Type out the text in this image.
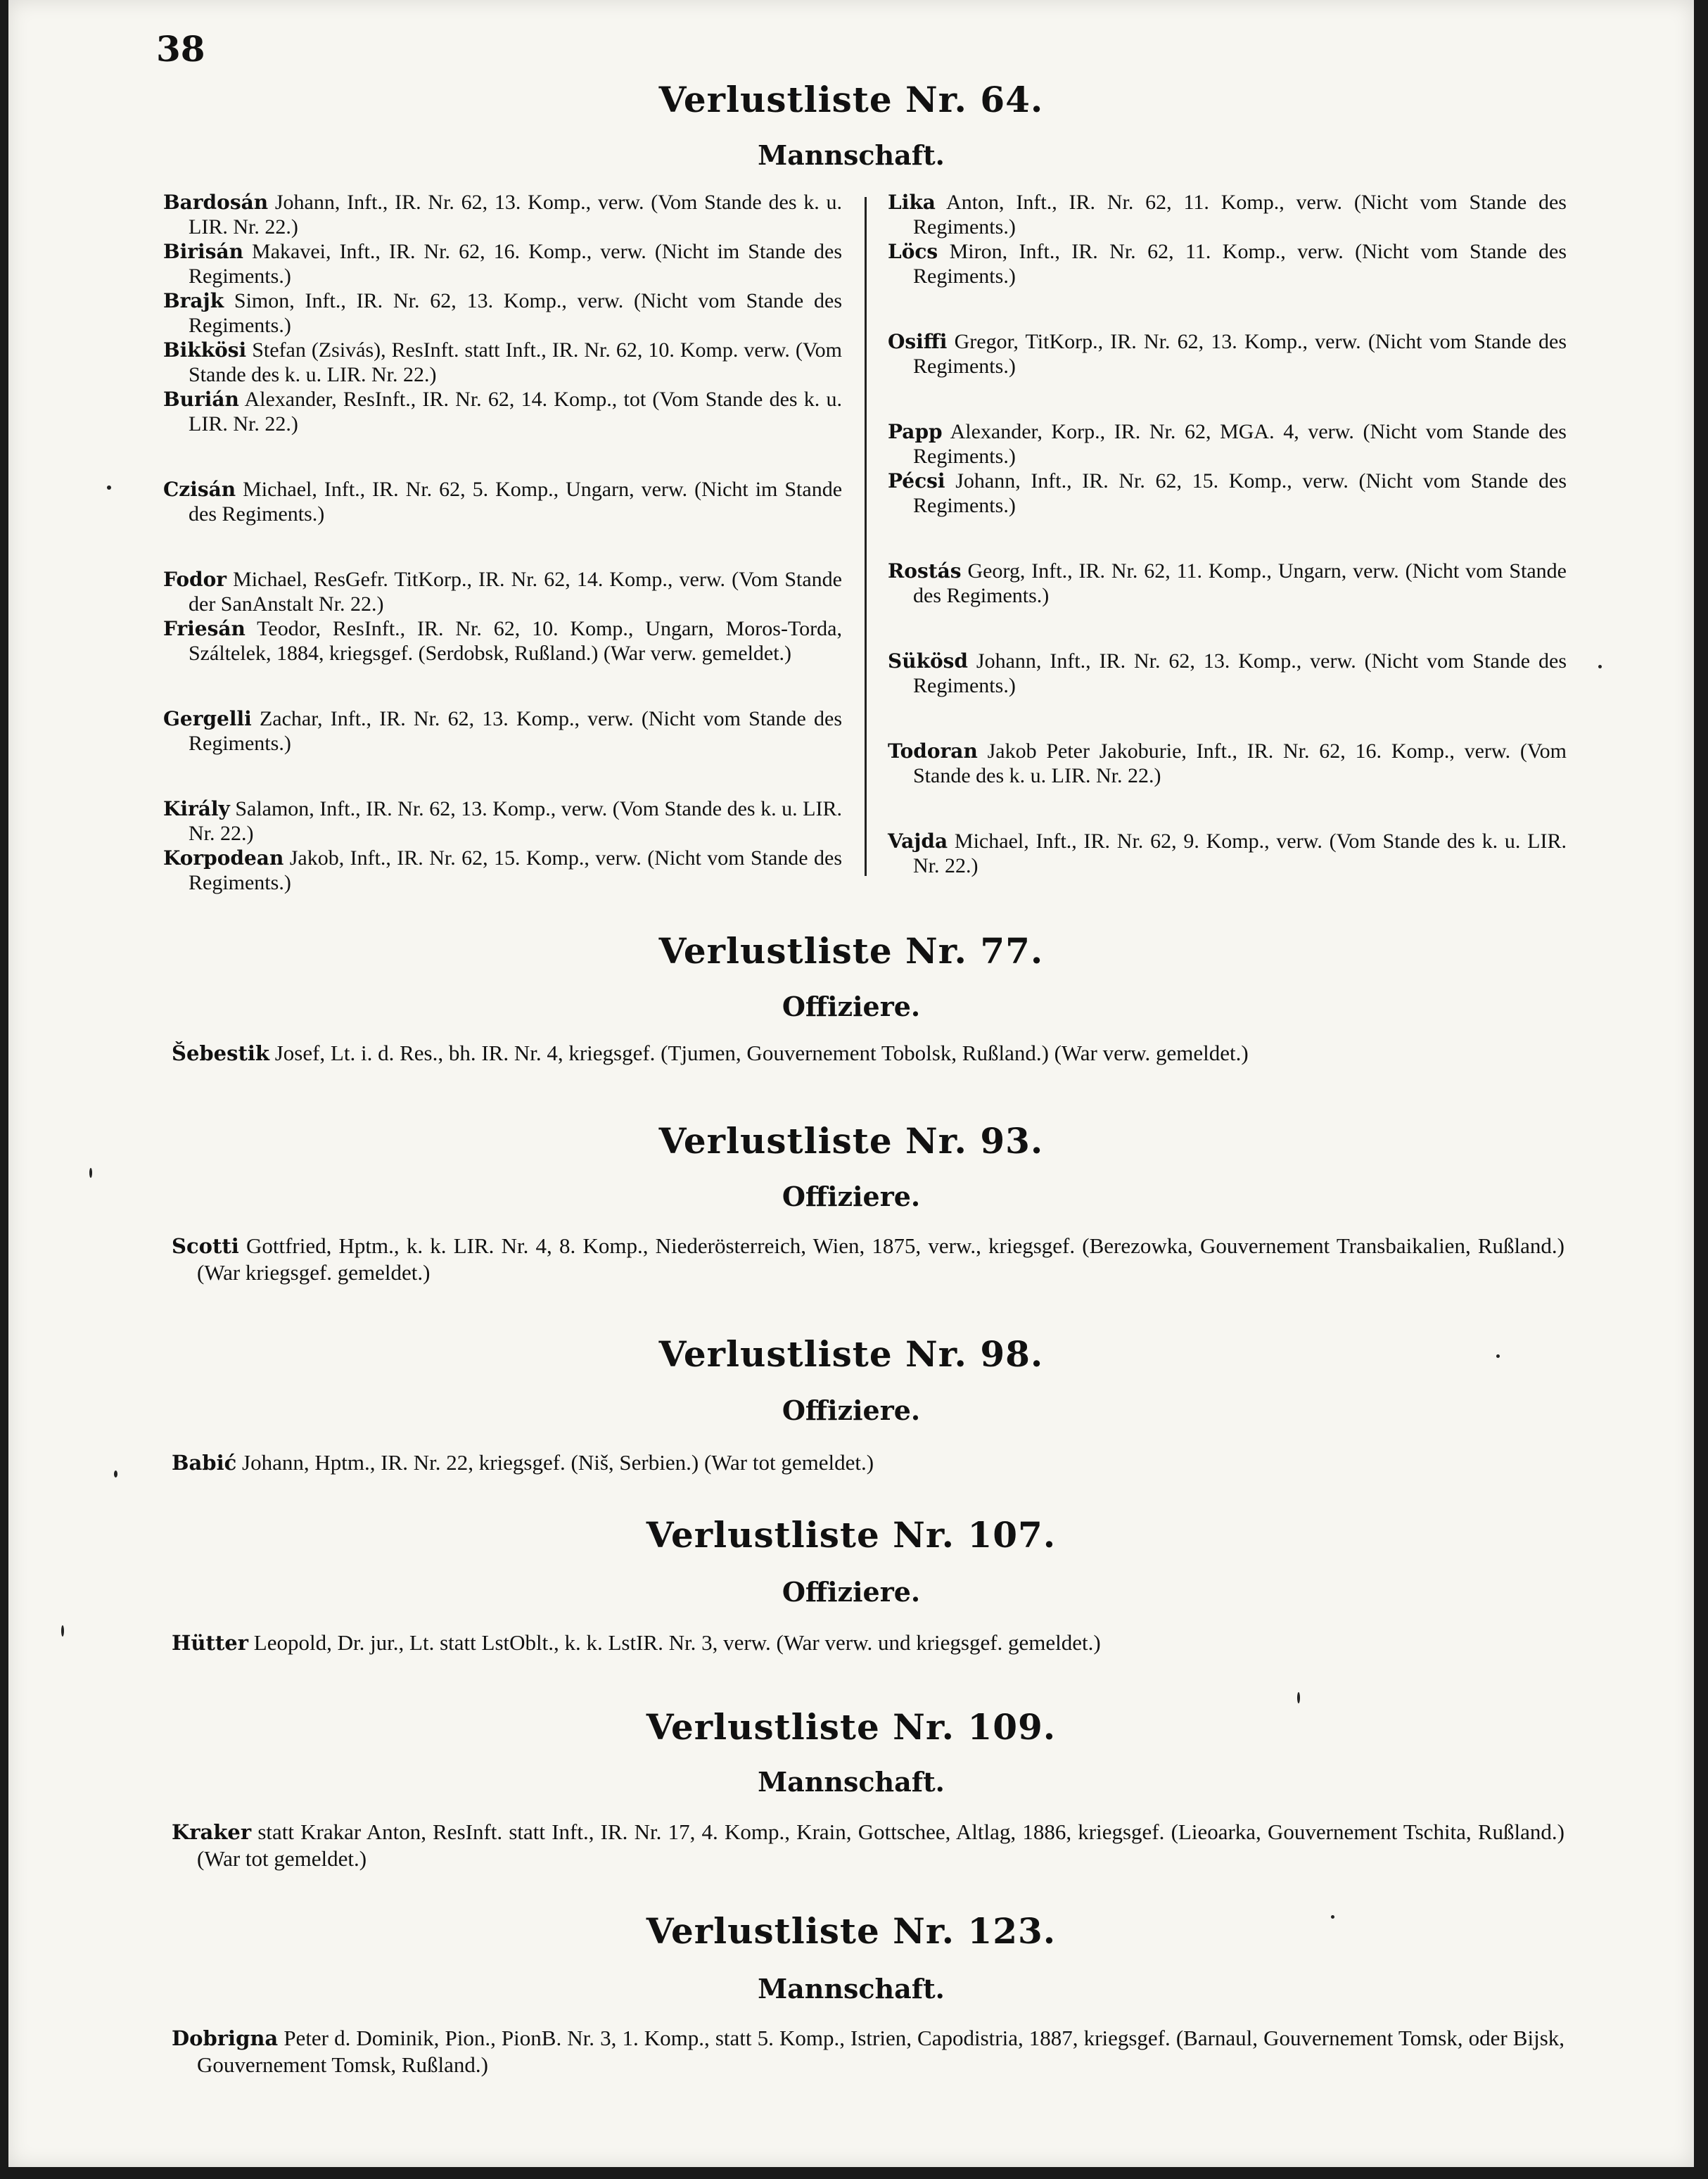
38
Verlustliste Nr. 64.
Mannschaft.

Bardosán Johann, Inft., IR. Nr. 62, 13. Komp., verw. (Vom Stande des k. u. LIR. Nr. 22.)

Birisán Makavei, Inft., IR. Nr. 62, 16. Komp., verw. (Nicht im Stande des Regiments.)

Brajk Simon, Inft., IR. Nr. 62, 13. Komp., verw. (Nicht vom Stande des Regiments.)

Bikkösi Stefan (Zsivás), ResInft. statt Inft., IR. Nr. 62, 10. Komp. verw. (Vom Stande des k. u. LIR. Nr. 22.)

Burián Alexander, ResInft., IR. Nr. 62, 14. Komp., tot (Vom Stande des k. u. LIR. Nr. 22.)

Czisán Michael, Inft., IR. Nr. 62, 5. Komp., Ungarn, verw. (Nicht im Stande des Regiments.)

Fodor Michael, ResGefr. TitKorp., IR. Nr. 62, 14. Komp., verw. (Vom Stande der SanAnstalt Nr. 22.)

Friesán Teodor, ResInft., IR. Nr. 62, 10. Komp., Ungarn, Moros-Torda, Száltelek, 1884, kriegsgef. (Serdobsk, Rußland.) (War verw. gemeldet.)

Gergelli Zachar, Inft., IR. Nr. 62, 13. Komp., verw. (Nicht vom Stande des Regiments.)

Király Salamon, Inft., IR. Nr. 62, 13. Komp., verw. (Vom Stande des k. u. LIR. Nr. 22.)

Korpodean Jakob, Inft., IR. Nr. 62, 15. Komp., verw. (Nicht vom Stande des Regiments.)

Lika Anton, Inft., IR. Nr. 62, 11. Komp., verw. (Nicht vom Stande des Regiments.)

Löcs Miron, Inft., IR. Nr. 62, 11. Komp., verw. (Nicht vom Stande des Regiments.)

Osiffi Gregor, TitKorp., IR. Nr. 62, 13. Komp., verw. (Nicht vom Stande des Regiments.)

Papp Alexander, Korp., IR. Nr. 62, MGA. 4, verw. (Nicht vom Stande des Regiments.)

Pécsi Johann, Inft., IR. Nr. 62, 15. Komp., verw. (Nicht vom Stande des Regiments.)

Rostás Georg, Inft., IR. Nr. 62, 11. Komp., Ungarn, verw. (Nicht vom Stande des Regiments.)

Sükösd Johann, Inft., IR. Nr. 62, 13. Komp., verw. (Nicht vom Stande des Regiments.)

Todoran Jakob Peter Jakoburie, Inft., IR. Nr. 62, 16. Komp., verw. (Vom Stande des k. u. LIR. Nr. 22.)

Vajda Michael, Inft., IR. Nr. 62, 9. Komp., verw. (Vom Stande des k. u. LIR. Nr. 22.)

Verlustliste Nr. 77.
Offiziere.
Šebestik Josef, Lt. i. d. Res., bh. IR. Nr. 4, kriegsgef. (Tjumen, Gouvernement Tobolsk, Rußland.) (War verw. gemeldet.)
Verlustliste Nr. 93.
Offiziere.
Scotti Gottfried, Hptm., k. k. LIR. Nr. 4, 8. Komp., Niederösterreich, Wien, 1875, verw., kriegsgef. (Berezowka, Gouvernement Transbaikalien, Rußland.) (War kriegsgef. gemeldet.)
Verlustliste Nr. 98.
Offiziere.
Babić Johann, Hptm., IR. Nr. 22, kriegsgef. (Niš, Serbien.) (War tot gemeldet.)
Verlustliste Nr. 107.
Offiziere.
Hütter Leopold, Dr. jur., Lt. statt LstOblt., k. k. LstIR. Nr. 3, verw. (War verw. und kriegsgef. gemeldet.)
Verlustliste Nr. 109.
Mannschaft.
Kraker statt Krakar Anton, ResInft. statt Inft., IR. Nr. 17, 4. Komp., Krain, Gottschee, Altlag, 1886, kriegsgef. (Lieoarka, Gouvernement Tschita, Rußland.) (War tot gemeldet.)
Verlustliste Nr. 123.
Mannschaft.
Dobrigna Peter d. Dominik, Pion., PionB. Nr. 3, 1. Komp., statt 5. Komp., Istrien, Capodistria, 1887, kriegsgef. (Barnaul, Gouvernement Tomsk, oder Bijsk, Gouvernement Tomsk, Rußland.)
